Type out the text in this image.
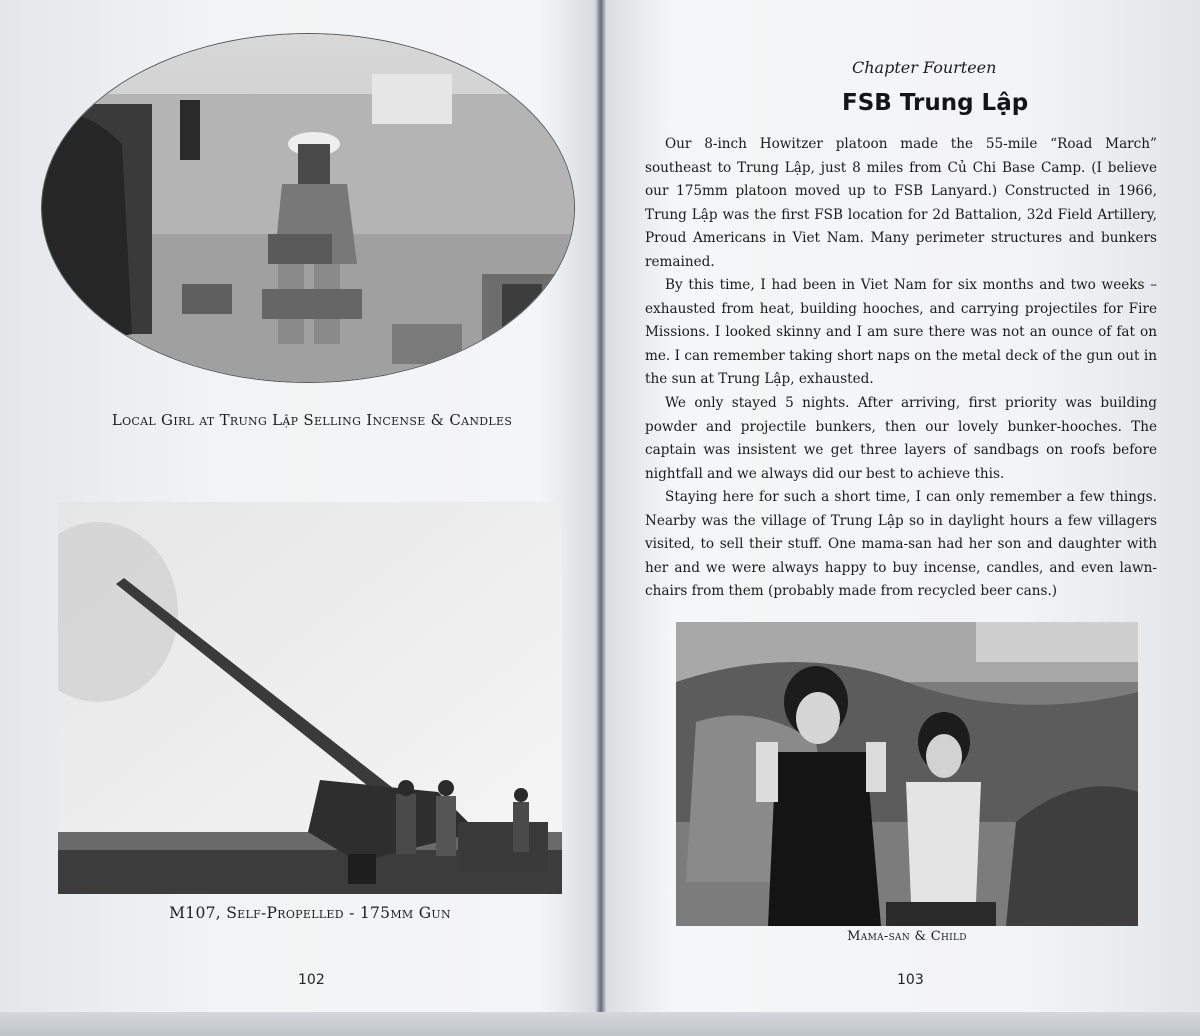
Local Girl at Trung Lập Selling Incense & Candles
M107, Self-Propelled - 175mm Gun
102
Chapter Fourteen
FSB Trung Lập

Our 8-inch Howitzer platoon made the 55-mile “Road March” southeast to Trung Lập, just 8 miles from Củ Chi Base Camp. (I believe our 175mm platoon moved up to FSB Lanyard.) Constructed in 1966, Trung Lập was the first FSB location for 2d Battalion, 32d Field Artillery, Proud Americans in Viet Nam. Many perimeter structures and bunkers remained.

By this time, I had been in Viet Nam for six months and two weeks – exhausted from heat, building hooches, and carrying projectiles for Fire Missions. I looked skinny and I am sure there was not an ounce of fat on me. I can remember taking short naps on the metal deck of the gun out in the sun at Trung Lập, exhausted.

We only stayed 5 nights. After arriving, first priority was building powder and projectile bunkers, then our lovely bunker-hooches. The captain was insistent we get three layers of sandbags on roofs before nightfall and we always did our best to achieve this.

Staying here for such a short time, I can only remember a few things. Nearby was the village of Trung Lập so in daylight hours a few villagers visited, to sell their stuff. One mama-san had her son and daughter with her and we were always happy to buy incense, candles, and even lawn-chairs from them (probably made from recycled beer cans.)

Mama-san & Child
103
